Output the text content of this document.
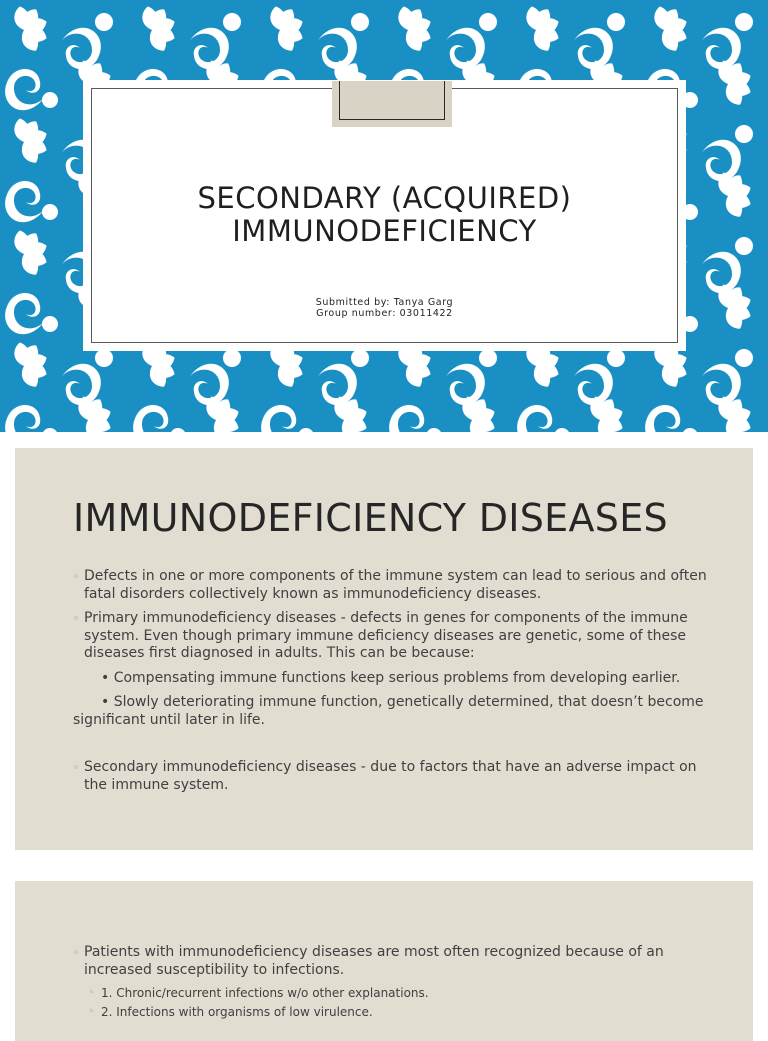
SECONDARY (ACQUIRED)
IMMUNODEFICIENCY
Submitted by: Tanya Garg
Group number: 03011422
IMMUNODEFICIENCY DISEASES
◦ Defects in one or more components of the immune system can lead to serious and often fatal disorders collectively known as immunodeficiency diseases.
◦ Primary immunodeficiency diseases - defects in genes for components of the immune system. Even though primary immune deficiency diseases are genetic, some of these diseases first diagnosed in adults. This can be because:
• Compensating immune functions keep serious problems from developing earlier.
• Slowly deteriorating immune function, genetically determined, that doesn’t become significant until later in life.
◦ Secondary immunodeficiency diseases - due to factors that have an adverse impact on the immune system.
◦ Patients with immunodeficiency diseases are most often recognized because of an increased susceptibility to infections.
◦ 1. Chronic/recurrent infections w/o other explanations.
◦ 2. Infections with organisms of low virulence.
